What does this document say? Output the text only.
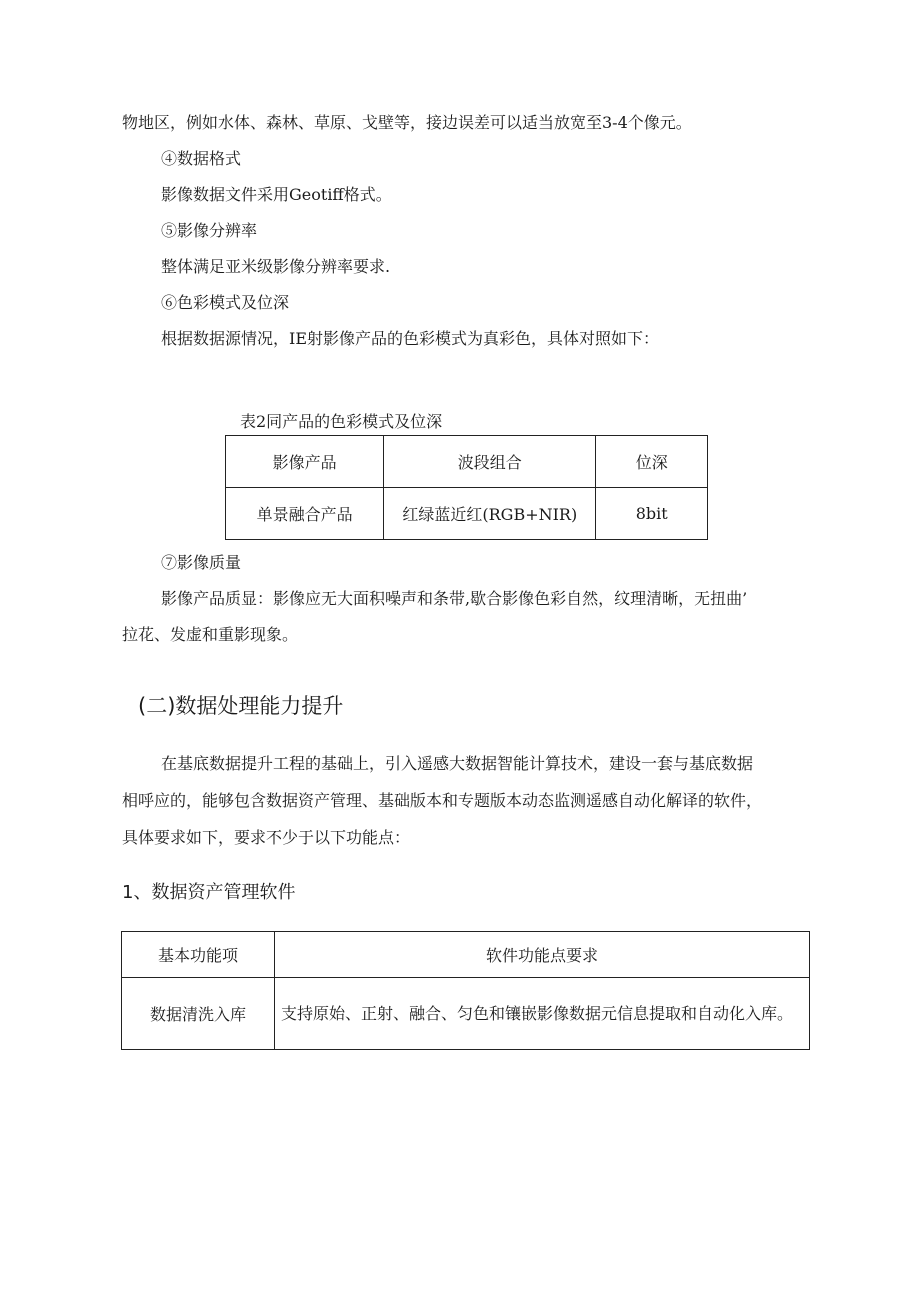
物地区，例如水体、森林、草原、戈壁等，接边误差可以适当放宽至3-4个像元。
④数据格式
影像数据文件采用Geotiff格式。
⑤影像分辨率
整体满足亚米级影像分辨率要求.
⑥色彩模式及位深
根据数据源情况，IE射影像产品的色彩模式为真彩色，具体对照如下：
表2同产品的色彩模式及位深
影像产品	波段组合	位深
单景融合产品	红绿蓝近红(RGB+NIR)	8bit
⑦影像质量
影像产品质显：影像应无大面积噪声和条带,歇合影像色彩自然，纹理清晰，无扭曲’
拉花、发虚和重影现象。
(二)数据处理能力提升
在基底数据提升工程的基础上，引入遥感大数据智能计算技术，建设一套与基底数据
相呼应的，能够包含数据资产管理、基础版本和专题版本动态监测遥感自动化解译的软件，
具体要求如下，要求不少于以下功能点：
1、数据资产管理软件
基本功能项	软件功能点要求
数据清洗入库	支持原始、正射、融合、匀色和镶嵌影像数据元信息提取和自动化入库。
